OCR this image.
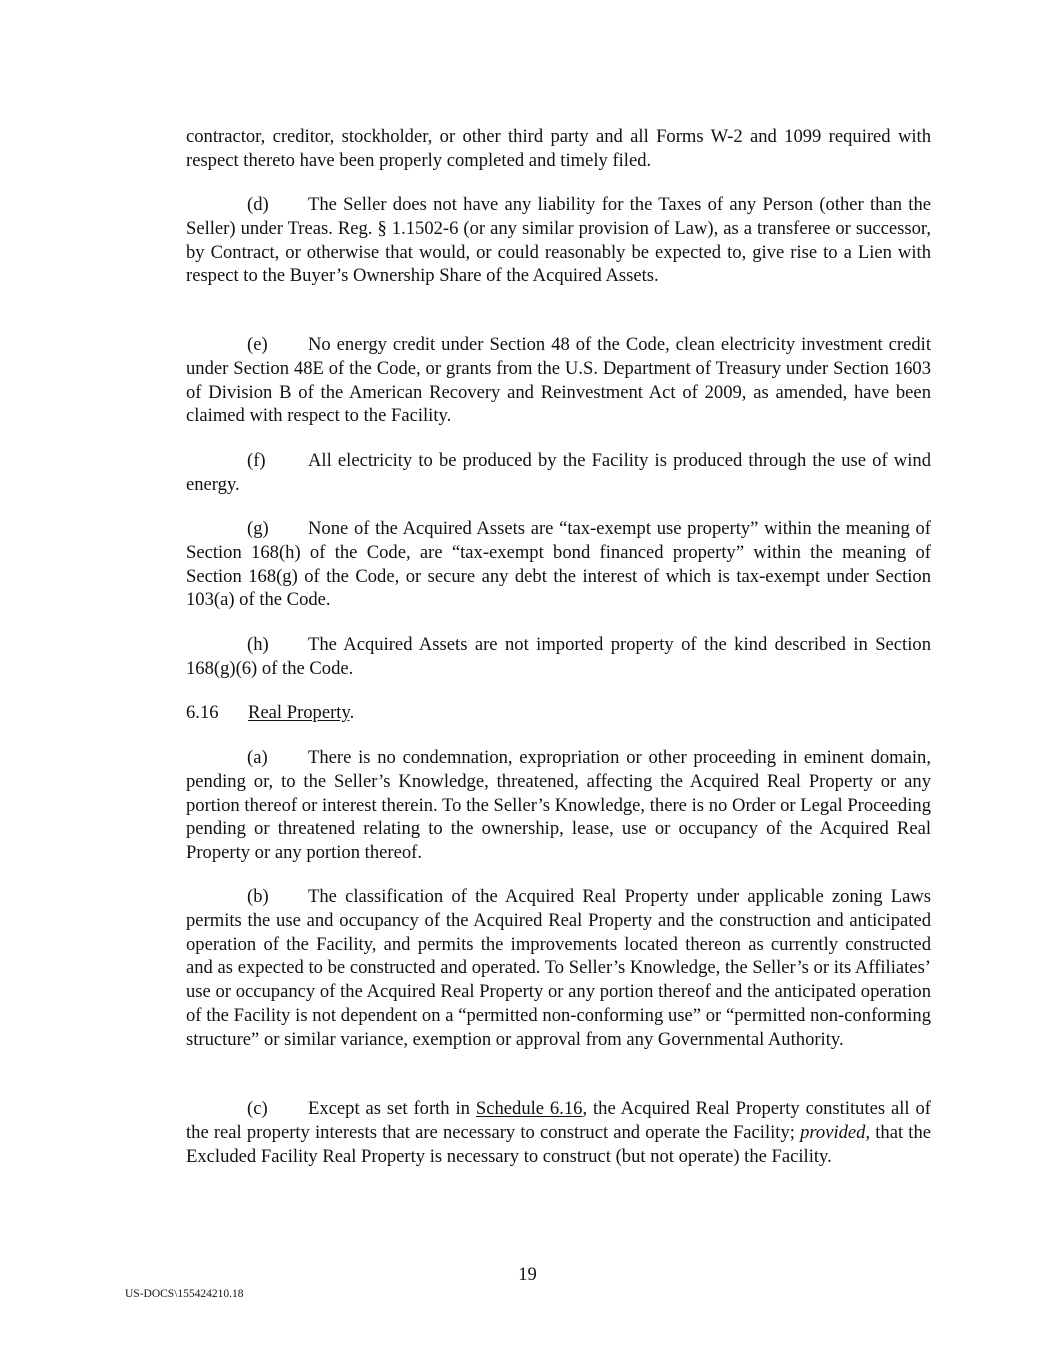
contractor, creditor, stockholder, or other third party and all Forms W-2 and 1099 required with respect thereto have been properly completed and timely filed.

(d) The Seller does not have any liability for the Taxes of any Person (other than the Seller) under Treas. Reg. § 1.1502-6 (or any similar provision of Law), as a transferee or successor, by Contract, or otherwise that would, or could reasonably be expected to, give rise to a Lien with respect to the Buyer’s Ownership Share of the Acquired Assets.

(e) No energy credit under Section 48 of the Code, clean electricity investment credit under Section 48E of the Code, or grants from the U.S. Department of Treasury under Section 1603 of Division B of the American Recovery and Reinvestment Act of 2009, as amended, have been claimed with respect to the Facility.

(f) All electricity to be produced by the Facility is produced through the use of wind energy.

(g) None of the Acquired Assets are “tax-exempt use property” within the meaning of Section 168(h) of the Code, are “tax-exempt bond financed property” within the meaning of Section 168(g) of the Code, or secure any debt the interest of which is tax-exempt under Section 103(a) of the Code.

(h) The Acquired Assets are not imported property of the kind described in Section 168(g)(6) of the Code.

6.16 Real Property.

(a) There is no condemnation, expropriation or other proceeding in eminent domain, pending or, to the Seller’s Knowledge, threatened, affecting the Acquired Real Property or any portion thereof or interest therein. To the Seller’s Knowledge, there is no Order or Legal Proceeding pending or threatened relating to the ownership, lease, use or occupancy of the Acquired Real Property or any portion thereof.

(b) The classification of the Acquired Real Property under applicable zoning Laws permits the use and occupancy of the Acquired Real Property and the construction and anticipated operation of the Facility, and permits the improvements located thereon as currently constructed and as expected to be constructed and operated. To Seller’s Knowledge, the Seller’s or its Affiliates’ use or occupancy of the Acquired Real Property or any portion thereof and the anticipated operation of the Facility is not dependent on a “permitted non-conforming use” or “permitted non-conforming structure” or similar variance, exemption or approval from any Governmental Authority.

(c) Except as set forth in Schedule 6.16, the Acquired Real Property constitutes all of the real property interests that are necessary to construct and operate the Facility; provided, that the Excluded Facility Real Property is necessary to construct (but not operate) the Facility.

19
US-DOCS\155424210.18
